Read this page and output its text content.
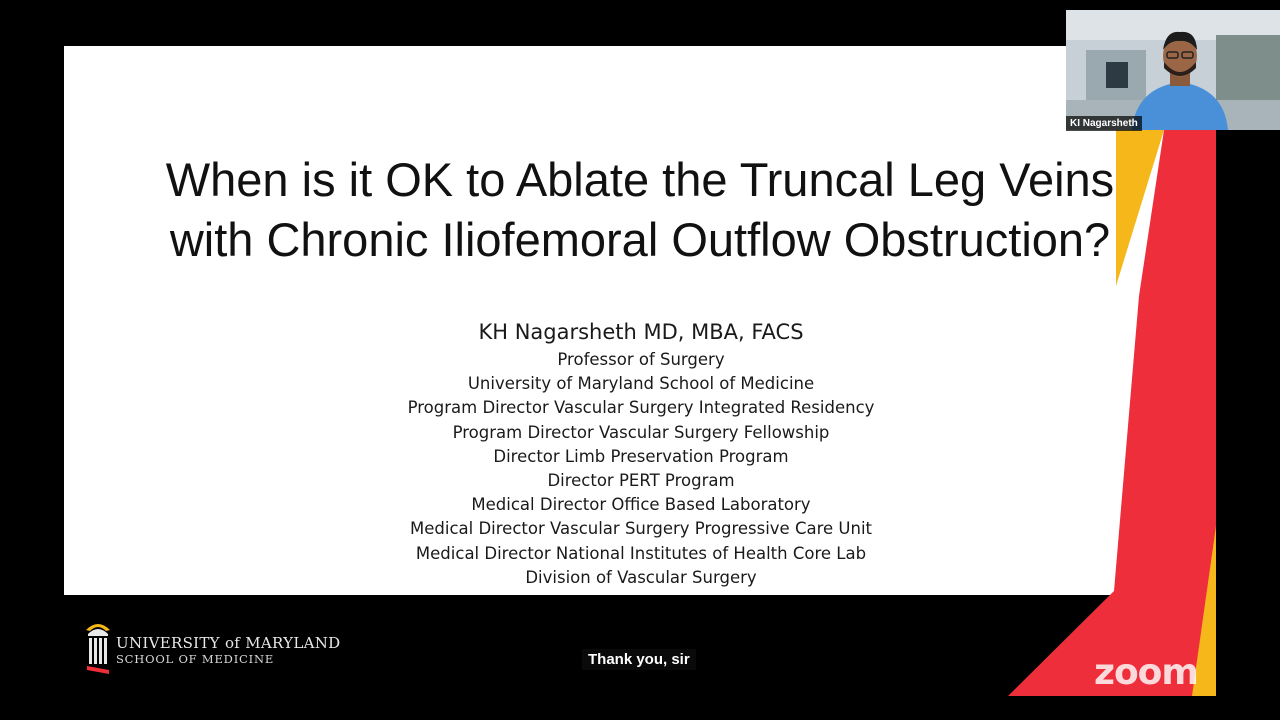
When is it OK to Ablate the Truncal Leg Veins
with Chronic Iliofemoral Outflow Obstruction?
KH Nagarsheth MD, MBA, FACS
Professor of Surgery
University of Maryland School of Medicine
Program Director Vascular Surgery Integrated Residency
Program Director Vascular Surgery Fellowship
Director Limb Preservation Program
Director PERT Program
Medical Director Office Based Laboratory
Medical Director Vascular Surgery Progressive Care Unit
Medical Director National Institutes of Health Core Lab
Division of Vascular Surgery
UNIVERSITY of MARYLAND
SCHOOL OF MEDICINE	Thank you, sir
KI Nagarsheth
zoom
